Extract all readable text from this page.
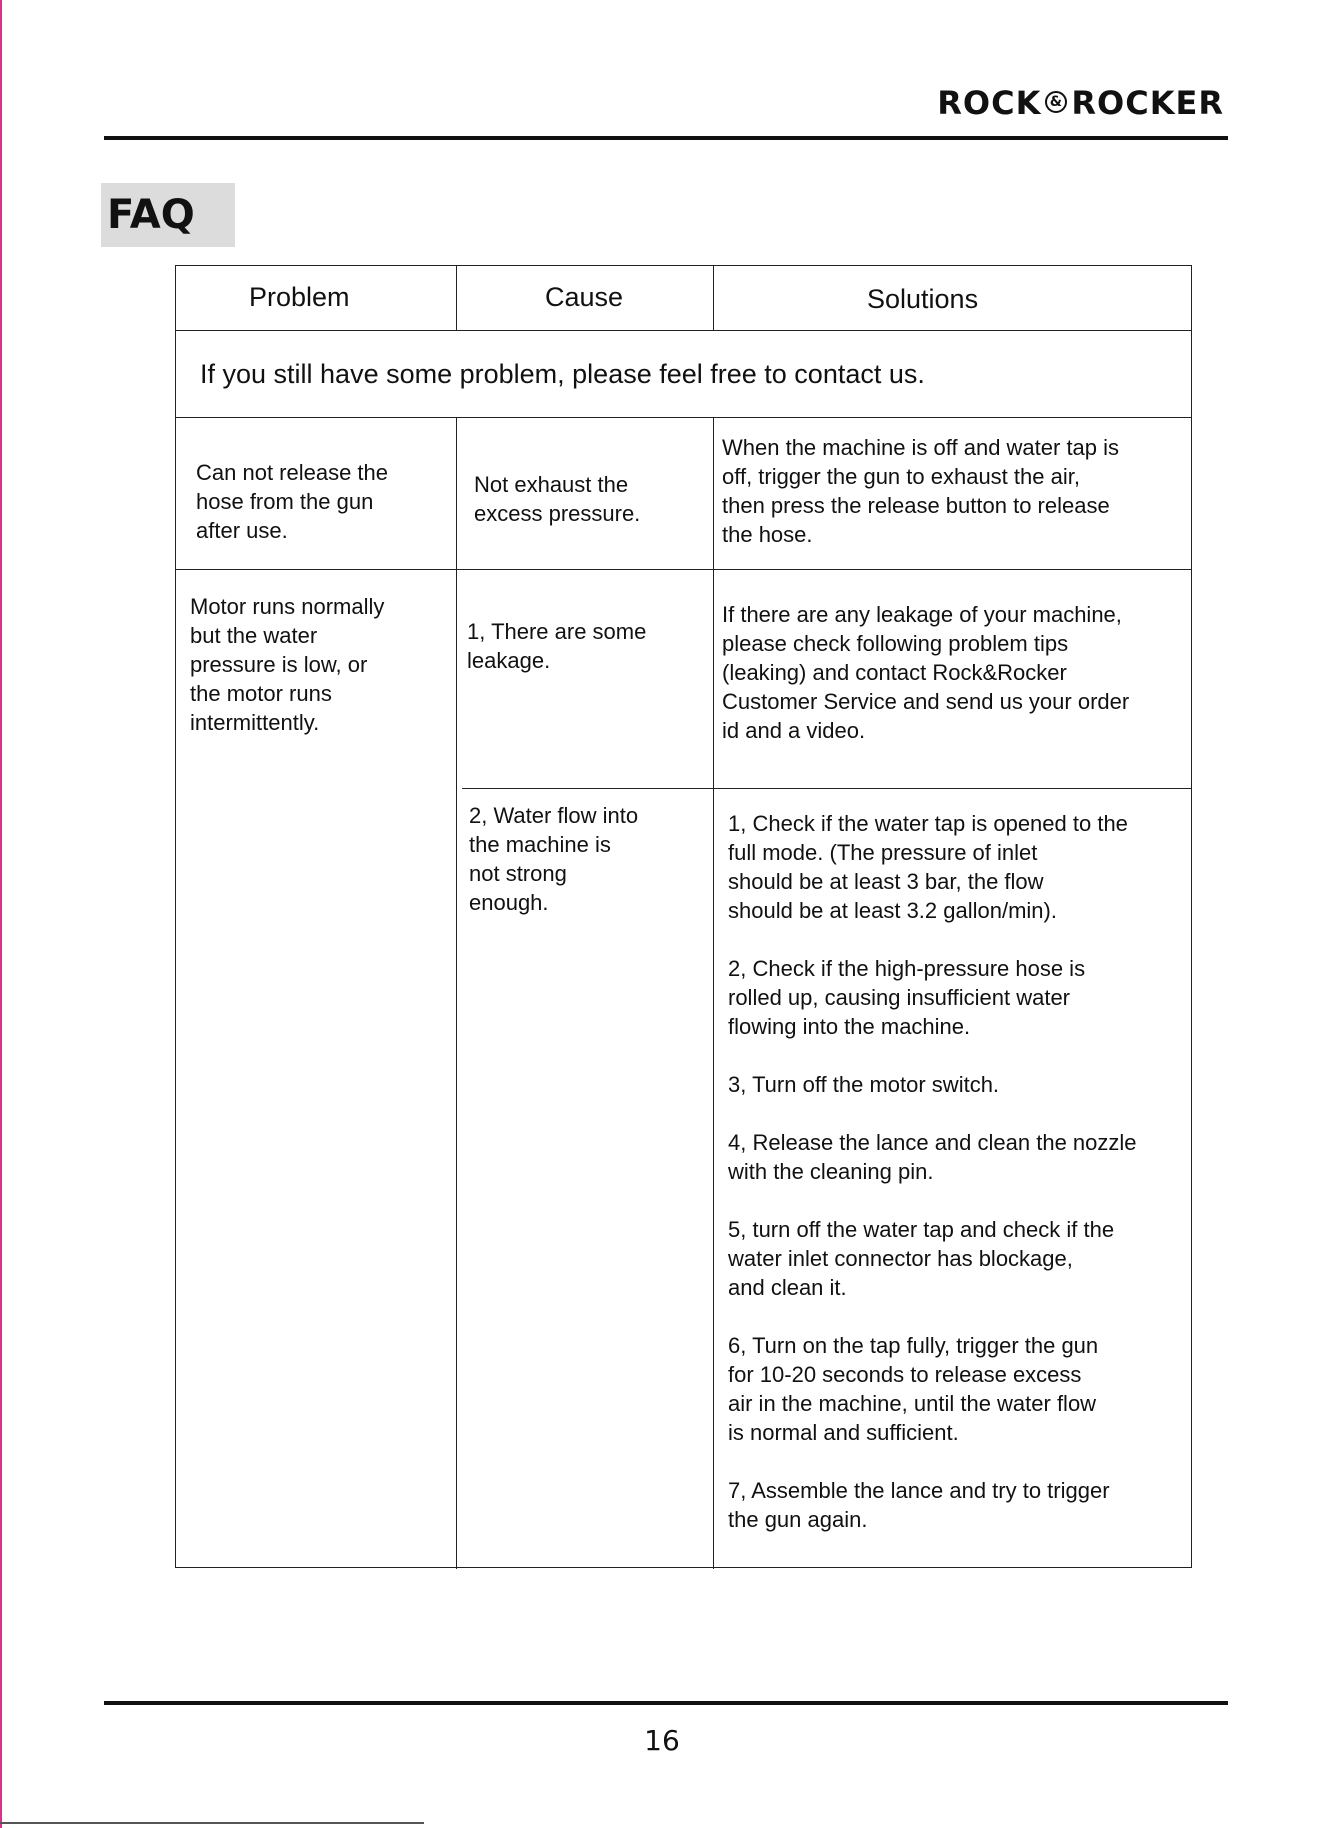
ROCK & ROCKER
FAQ
Problem	Cause	Solutions
If you still have some problem, please feel free to contact us.
Can not release the
hose from the gun
after use.
Not exhaust the
excess pressure.
When the machine is off and water tap is
off, trigger the gun to exhaust the air,
then press the release button to release
the hose.
Motor runs normally
but the water
pressure is low, or
the motor runs
intermittently.
1, There are some
leakage.
If there are any leakage of your machine,
please check following problem tips
(leaking) and contact Rock&Rocker
Customer Service and send us your order
id and a video.
2, Water flow into
the machine is
not strong
enough.
1, Check if the water tap is opened to the
full mode. (The pressure of inlet
should be at least 3 bar, the flow
should be at least 3.2 gallon/min).
2, Check if the high-pressure hose is
rolled up, causing insufficient water
flowing into the machine.
3, Turn off the motor switch.
4, Release the lance and clean the nozzle
with the cleaning pin.
5, turn off the water tap and check if the
water inlet connector has blockage,
and clean it.
6, Turn on the tap fully, trigger the gun
for 10-20 seconds to release excess
air in the machine, until the water flow
is normal and sufficient.
7, Assemble the lance and try to trigger
the gun again.
16
